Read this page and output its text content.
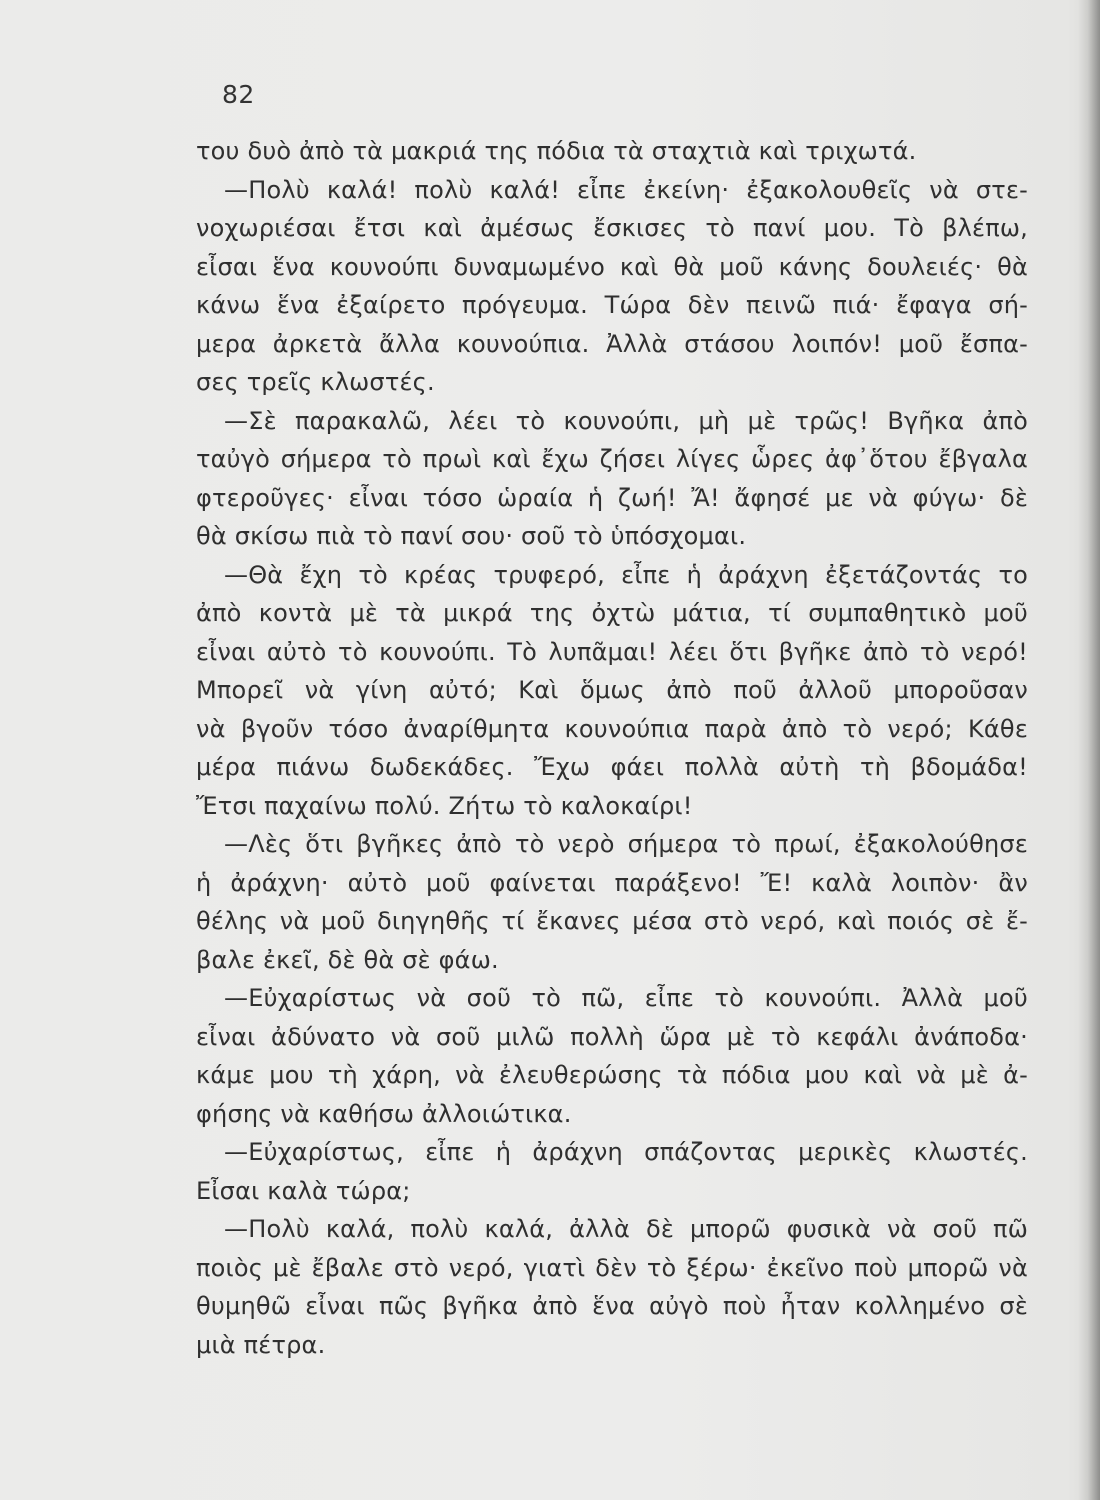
82
του δυὸ ἀπὸ τὰ μακριά της πόδια τὰ σταχτιὰ καὶ τριχωτά.
—Πολὺ καλά! πολὺ καλά! εἶπε ἐκείνη· ἐξακολουθεῖς νὰ στε-
νοχωριέσαι ἔτσι καὶ ἀμέσως ἔσκισες τὸ πανί μου. Τὸ βλέπω,
εἶσαι ἕνα κουνούπι δυναμωμένο καὶ θὰ μοῦ κάνης δουλειές· θὰ
κάνω ἕνα ἐξαίρετο πρόγευμα. Τώρα δὲν πεινῶ πιά· ἔφαγα σή-
μερα ἀρκετὰ ἄλλα κουνούπια. Ἀλλὰ στάσου λοιπόν! μοῦ ἔσπα-
σες τρεῖς κλωστές.
—Σὲ παρακαλῶ, λέει τὸ κουνούπι, μὴ μὲ τρῶς! Βγῆκα ἀπὸ
ταὐγὸ σήμερα τὸ πρωὶ καὶ ἔχω ζήσει λίγες ὧρες ἀφ᾽ὅτου ἔβγαλα
φτεροῦγες· εἶναι τόσο ὡραία ἡ ζωή! Ἄ! ἄφησέ με νὰ φύγω· δὲ
θὰ σκίσω πιὰ τὸ πανί σου· σοῦ τὸ ὑπόσχομαι.
—Θὰ ἔχη τὸ κρέας τρυφερό, εἶπε ἡ ἀράχνη ἐξετάζοντάς το
ἀπὸ κοντὰ μὲ τὰ μικρά της ὀχτὼ μάτια, τί συμπαθητικὸ μοῦ
εἶναι αὐτὸ τὸ κουνούπι. Τὸ λυπᾶμαι! λέει ὅτι βγῆκε ἀπὸ τὸ νερό!
Μπορεῖ νὰ γίνη αὐτό; Καὶ ὅμως ἀπὸ ποῦ ἀλλοῦ μποροῦσαν
νὰ βγοῦν τόσο ἀναρίθμητα κουνούπια παρὰ ἀπὸ τὸ νερό; Κάθε
μέρα πιάνω δωδεκάδες. Ἔχω φάει πολλὰ αὐτὴ τὴ βδομάδα!
Ἔτσι παχαίνω πολύ. Ζήτω τὸ καλοκαίρι!
—Λὲς ὅτι βγῆκες ἀπὸ τὸ νερὸ σήμερα τὸ πρωί, ἐξακολούθησε
ἡ ἀράχνη· αὐτὸ μοῦ φαίνεται παράξενο! Ἔ! καλὰ λοιπὸν· ἂν
θέλης νὰ μοῦ διηγηθῆς τί ἔκανες μέσα στὸ νερό, καὶ ποιός σὲ ἔ-
βαλε ἐκεῖ, δὲ θὰ σὲ φάω.
—Εὐχαρίστως νὰ σοῦ τὸ πῶ, εἶπε τὸ κουνούπι. Ἀλλὰ μοῦ
εἶναι ἀδύνατο νὰ σοῦ μιλῶ πολλὴ ὥρα μὲ τὸ κεφάλι ἀνάποδα·
κάμε μου τὴ χάρη, νὰ ἐλευθερώσης τὰ πόδια μου καὶ νὰ μὲ ἀ-
φήσης νὰ καθήσω ἀλλοιώτικα.
—Εὐχαρίστως, εἶπε ἡ ἀράχνη σπάζοντας μερικὲς κλωστές.
Εἶσαι καλὰ τώρα;
—Πολὺ καλά, πολὺ καλά, ἀλλὰ δὲ μπορῶ φυσικὰ νὰ σοῦ πῶ
ποιὸς μὲ ἔβαλε στὸ νερό, γιατὶ δὲν τὸ ξέρω· ἐκεῖνο ποὺ μπορῶ νὰ
θυμηθῶ εἶναι πῶς βγῆκα ἀπὸ ἕνα αὐγὸ ποὺ ἦταν κολλημένο σὲ
μιὰ πέτρα.
